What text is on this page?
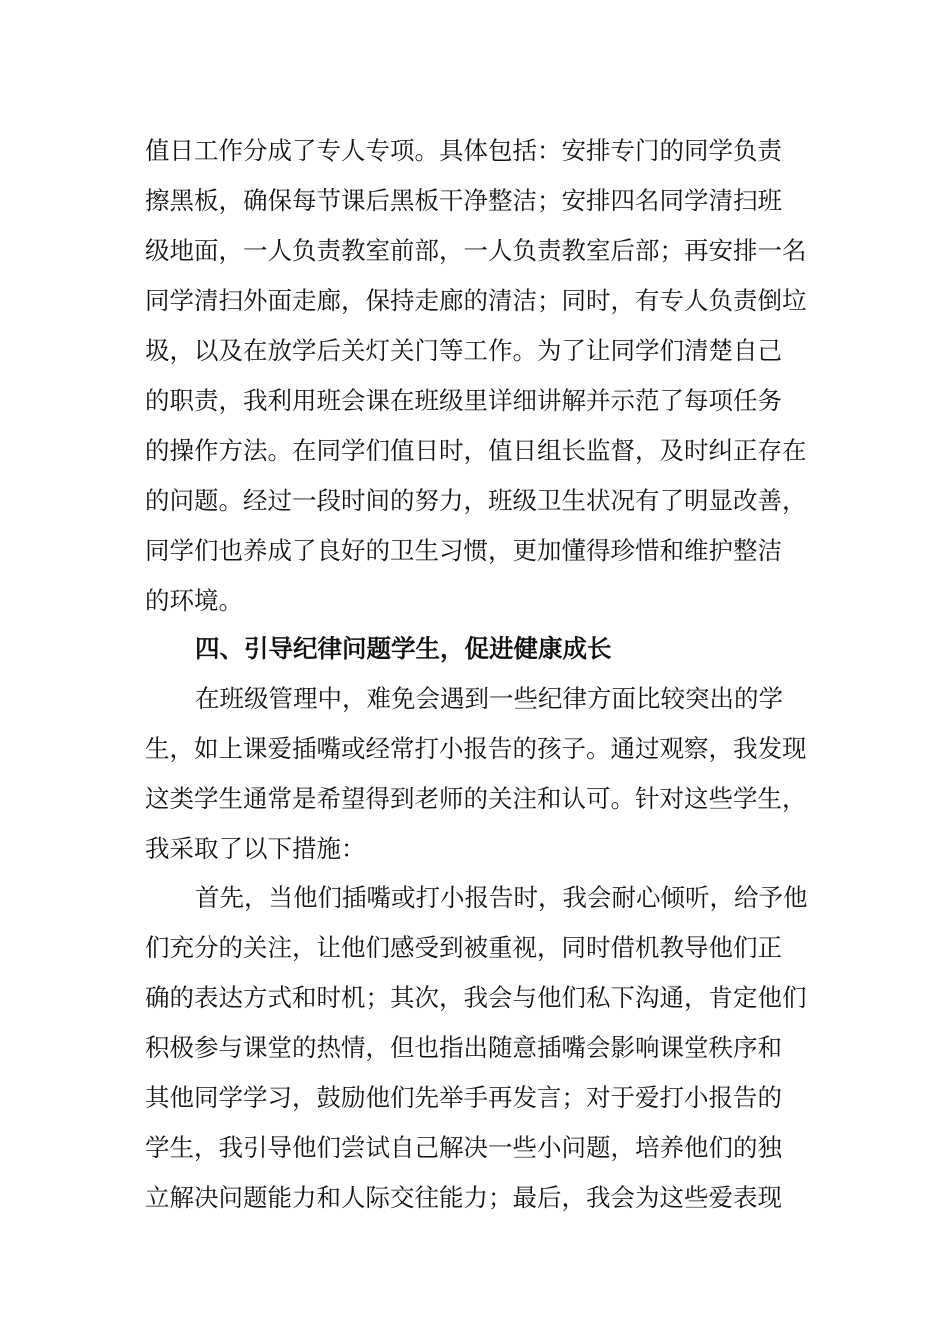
值日工作分成了专人专项。具体包括：安排专门的同学负责
擦黑板，确保每节课后黑板干净整洁；安排四名同学清扫班
级地面，一人负责教室前部，一人负责教室后部；再安排一名
同学清扫外面走廊，保持走廊的清洁；同时，有专人负责倒垃
圾，以及在放学后关灯关门等工作。为了让同学们清楚自己
的职责，我利用班会课在班级里详细讲解并示范了每项任务
的操作方法。在同学们值日时，值日组长监督，及时纠正存在
的问题。经过一段时间的努力，班级卫生状况有了明显改善，
同学们也养成了良好的卫生习惯，更加懂得珍惜和维护整洁
的环境。
四、引导纪律问题学生，促进健康成长
在班级管理中，难免会遇到一些纪律方面比较突出的学
生，如上课爱插嘴或经常打小报告的孩子。通过观察，我发现
这类学生通常是希望得到老师的关注和认可。针对这些学生，
我采取了以下措施：
首先，当他们插嘴或打小报告时，我会耐心倾听，给予他
们充分的关注，让他们感受到被重视，同时借机教导他们正
确的表达方式和时机；其次，我会与他们私下沟通，肯定他们
积极参与课堂的热情，但也指出随意插嘴会影响课堂秩序和
其他同学学习，鼓励他们先举手再发言；对于爱打小报告的
学生，我引导他们尝试自己解决一些小问题，培养他们的独
立解决问题能力和人际交往能力；最后，我会为这些爱表现
